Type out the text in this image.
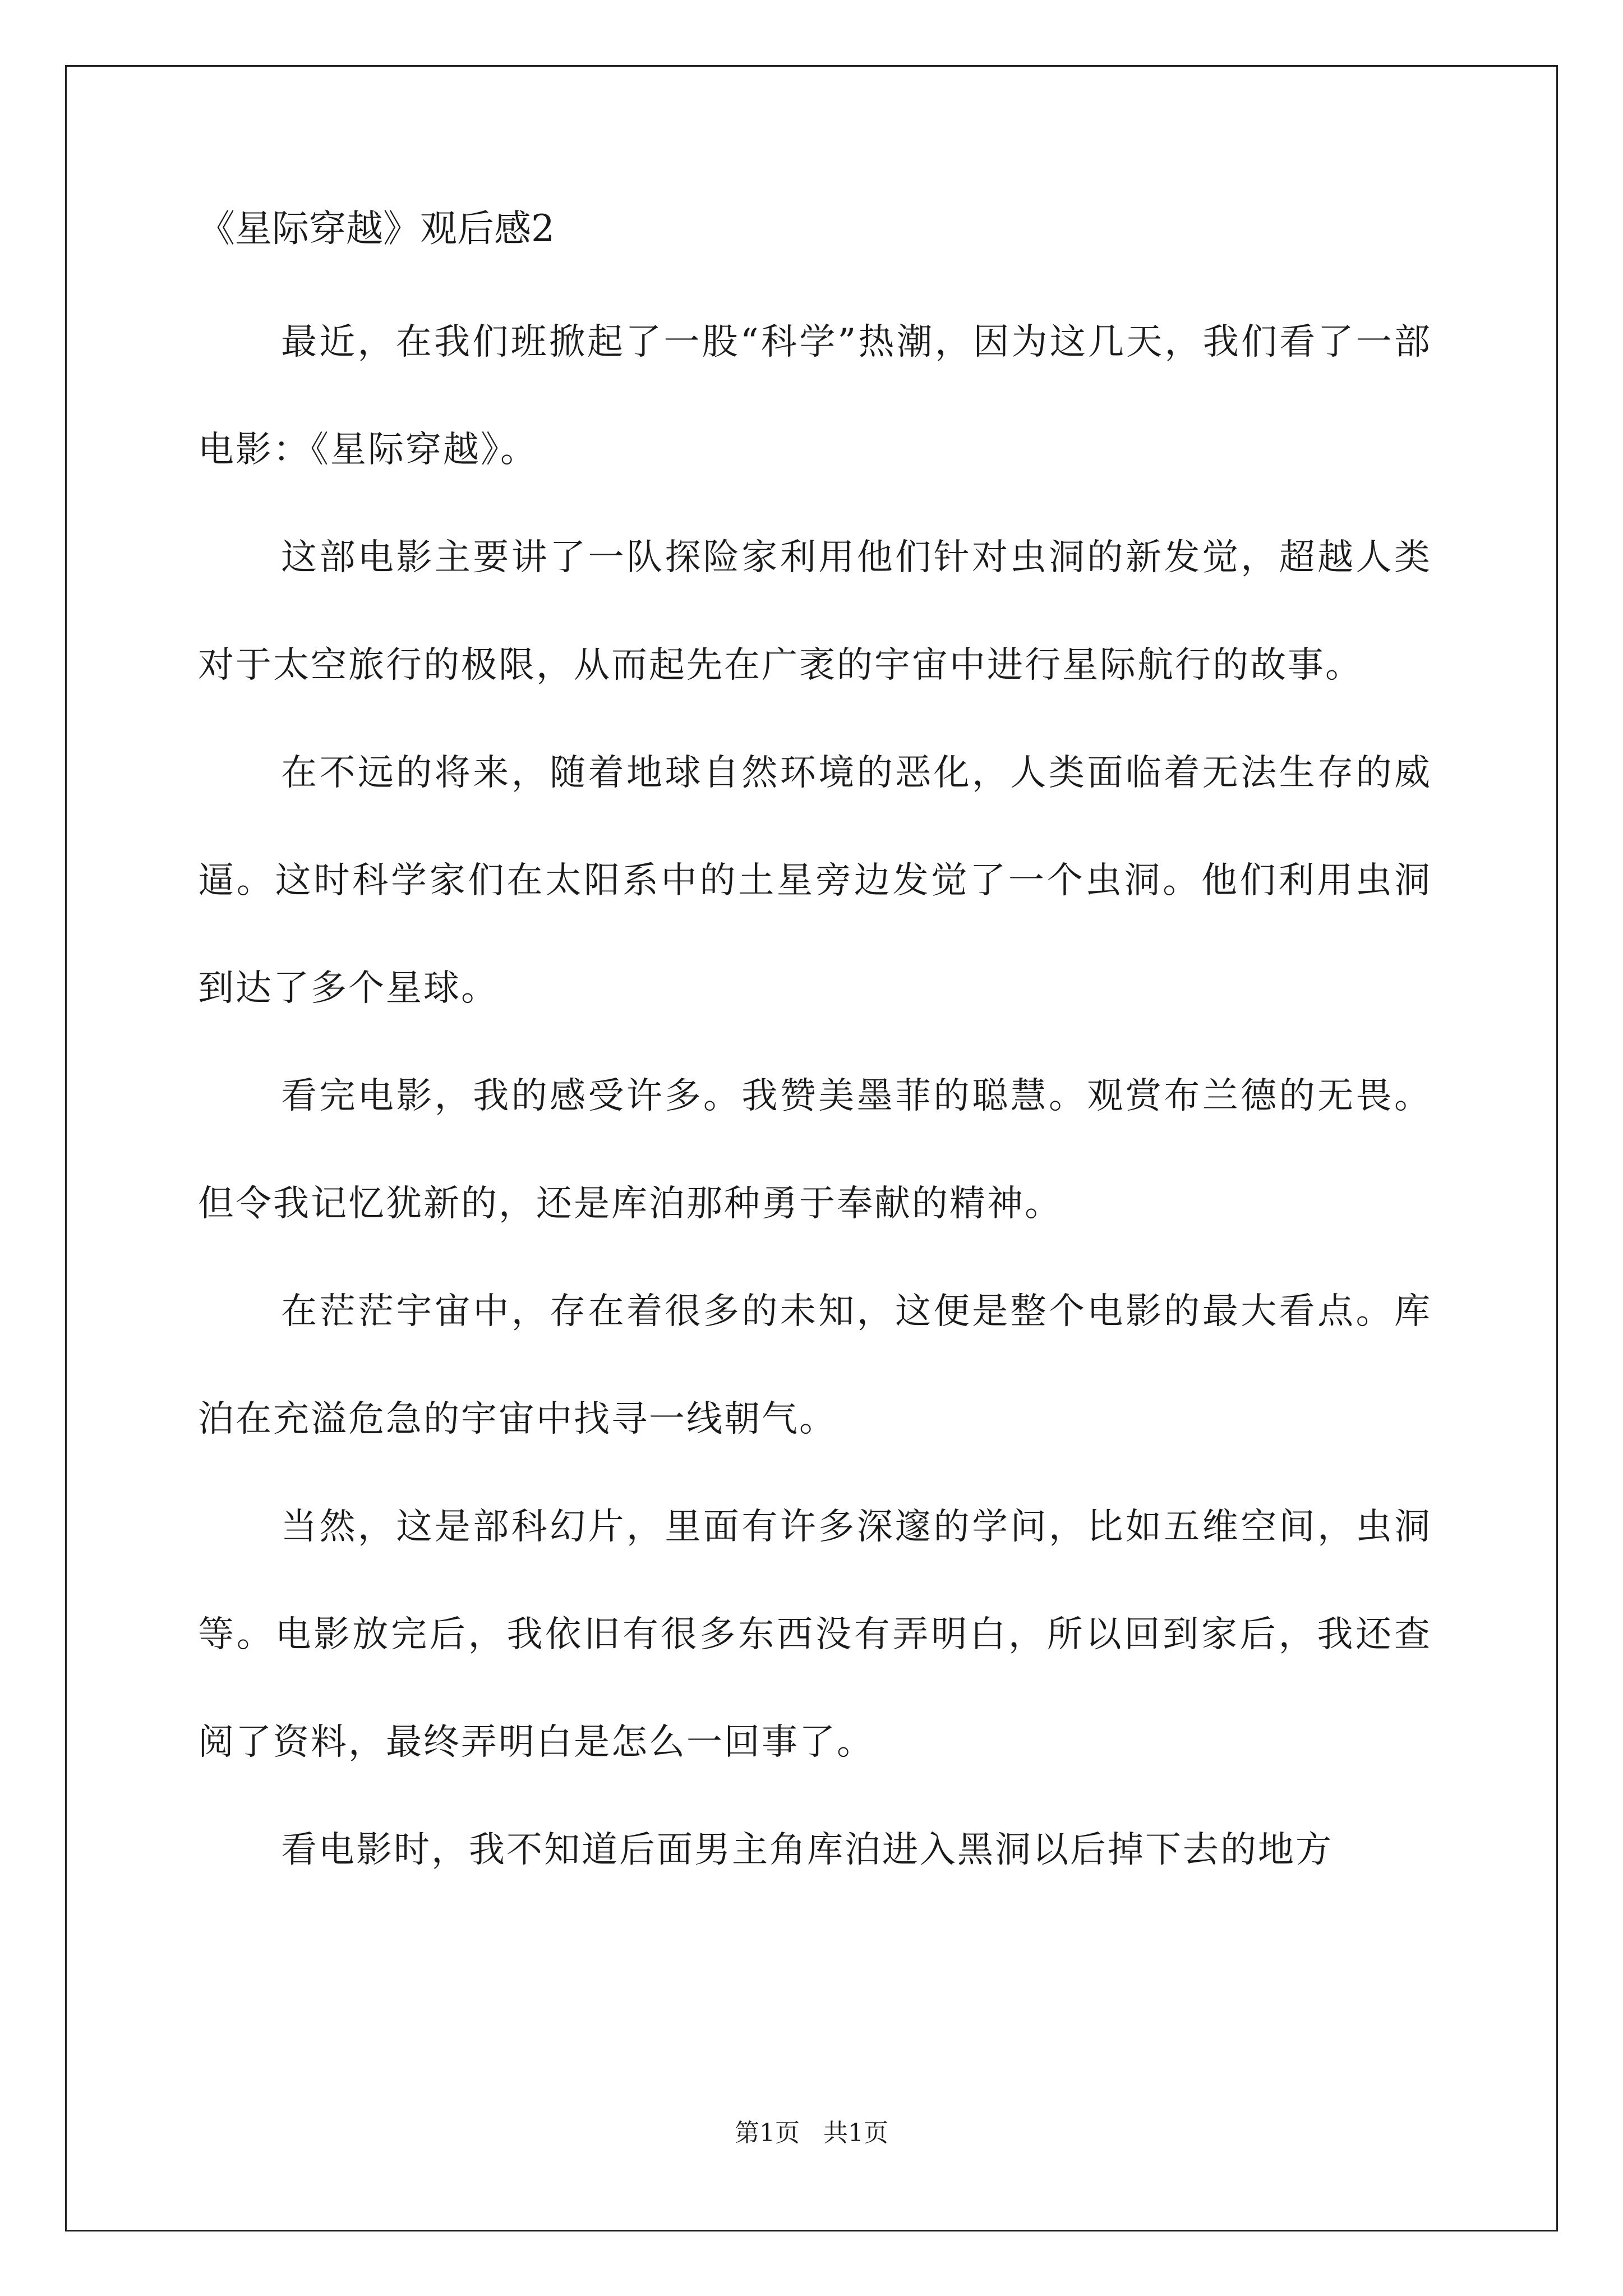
《星际穿越》观后感2

最近，在我们班掀起了一股“科学”热潮，因为这几天，我们看了一部电影：《星际穿越》。

这部电影主要讲了一队探险家利用他们针对虫洞的新发觉，超越人类对于太空旅行的极限，从而起先在广袤的宇宙中进行星际航行的故事。

在不远的将来，随着地球自然环境的恶化，人类面临着无法生存的威逼。这时科学家们在太阳系中的土星旁边发觉了一个虫洞。他们利用虫洞到达了多个星球。

看完电影，我的感受许多。我赞美墨菲的聪慧。观赏布兰德的无畏。但令我记忆犹新的，还是库泊那种勇于奉献的精神。

在茫茫宇宙中，存在着很多的未知，这便是整个电影的最大看点。库泊在充溢危急的宇宙中找寻一线朝气。

当然，这是部科幻片，里面有许多深邃的学问，比如五维空间，虫洞等。电影放完后，我依旧有很多东西没有弄明白，所以回到家后，我还查阅了资料，最终弄明白是怎么一回事了。

看电影时，我不知道后面男主角库泊进入黑洞以后掉下去的地方

第1页   共1页
